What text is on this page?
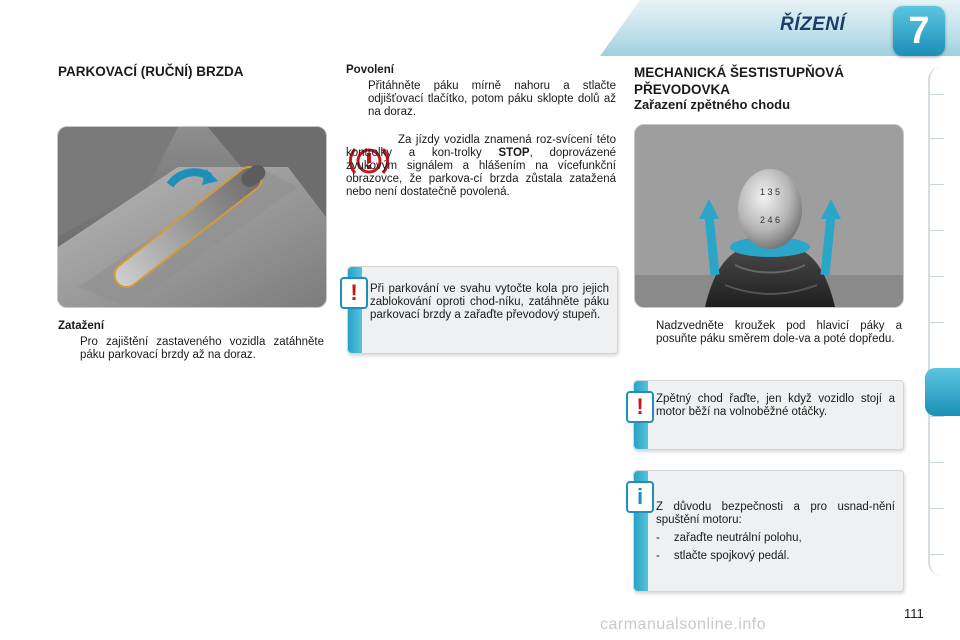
ŘÍZENÍ	7
PARKOVACÍ (RUČNÍ) BRZDA
Zatažení
Pro zajištění zastaveného vozidla zatáhněte páku parkovací brzdy až na doraz.
Povolení
Přitáhněte páku mírně nahoru a stlačte odjišťovací tlačítko, potom páku sklopte dolů až na doraz.
Za jízdy vozidla znamená roz-svícení této kontrolky a kon-trolky STOP, doprovázené zvukovým signálem a hlášením na vícefunkční obrazovce, že parkova-cí brzda zůstala zatažená nebo není dostatečně povolená.
!	Při parkování ve svahu vytočte kola pro jejich zablokování oproti chod-níku, zatáhněte páku parkovací brzdy a zařaďte převodový stupeň.
MECHANICKÁ ŠESTISTUPŇOVÁ PŘEVODOVKA
Zařazení zpětného chodu
1 3 5
2 4 6
Nadzvedněte kroužek pod hlavicí páky a posuňte páku směrem dole-va a poté dopředu.
!	Zpětný chod řaďte, jen když vozidlo stojí a motor běží na volnoběžné otáčky.
i	Z důvodu bezpečnosti a pro usnad-nění spuštění motoru:
- zařaďte neutrální polohu,
- stlačte spojkový pedál.
111
carmanualsonline.info
